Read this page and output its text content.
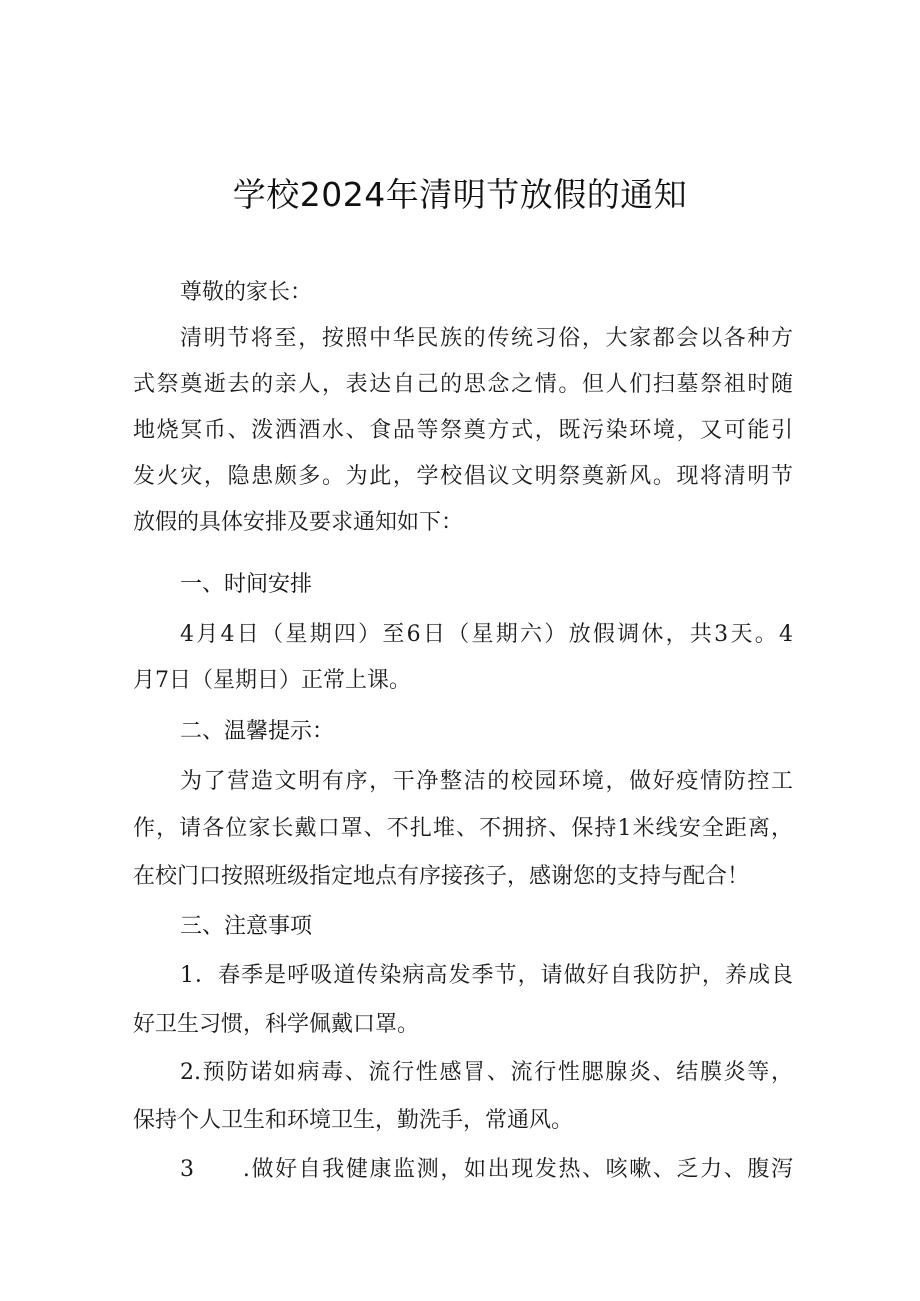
学校2024年清明节放假的通知
尊敬的家长：
清明节将至，按照中华民族的传统习俗，大家都会以各种方
式祭奠逝去的亲人，表达自己的思念之情。但人们扫墓祭祖时随
地烧冥币、泼洒酒水、食品等祭奠方式，既污染环境，又可能引
发火灾，隐患颇多。为此，学校倡议文明祭奠新风。现将清明节
放假的具体安排及要求通知如下：
一、时间安排
4月4日（星期四）至6日（星期六）放假调休，共3天。4
月7日（星期日）正常上课。
二、温馨提示：
为了营造文明有序，干净整洁的校园环境，做好疫情防控工
作，请各位家长戴口罩、不扎堆、不拥挤、保持1米线安全距离，
在校门口按照班级指定地点有序接孩子，感谢您的支持与配合！
三、注意事项
1．春季是呼吸道传染病高发季节，请做好自我防护，养成良
好卫生习惯，科学佩戴口罩。
2.预防诺如病毒、流行性感冒、流行性腮腺炎、结膜炎等，
保持个人卫生和环境卫生，勤洗手，常通风。
3　　.做好自我健康监测，如出现发热、咳嗽、乏力、腹泻
